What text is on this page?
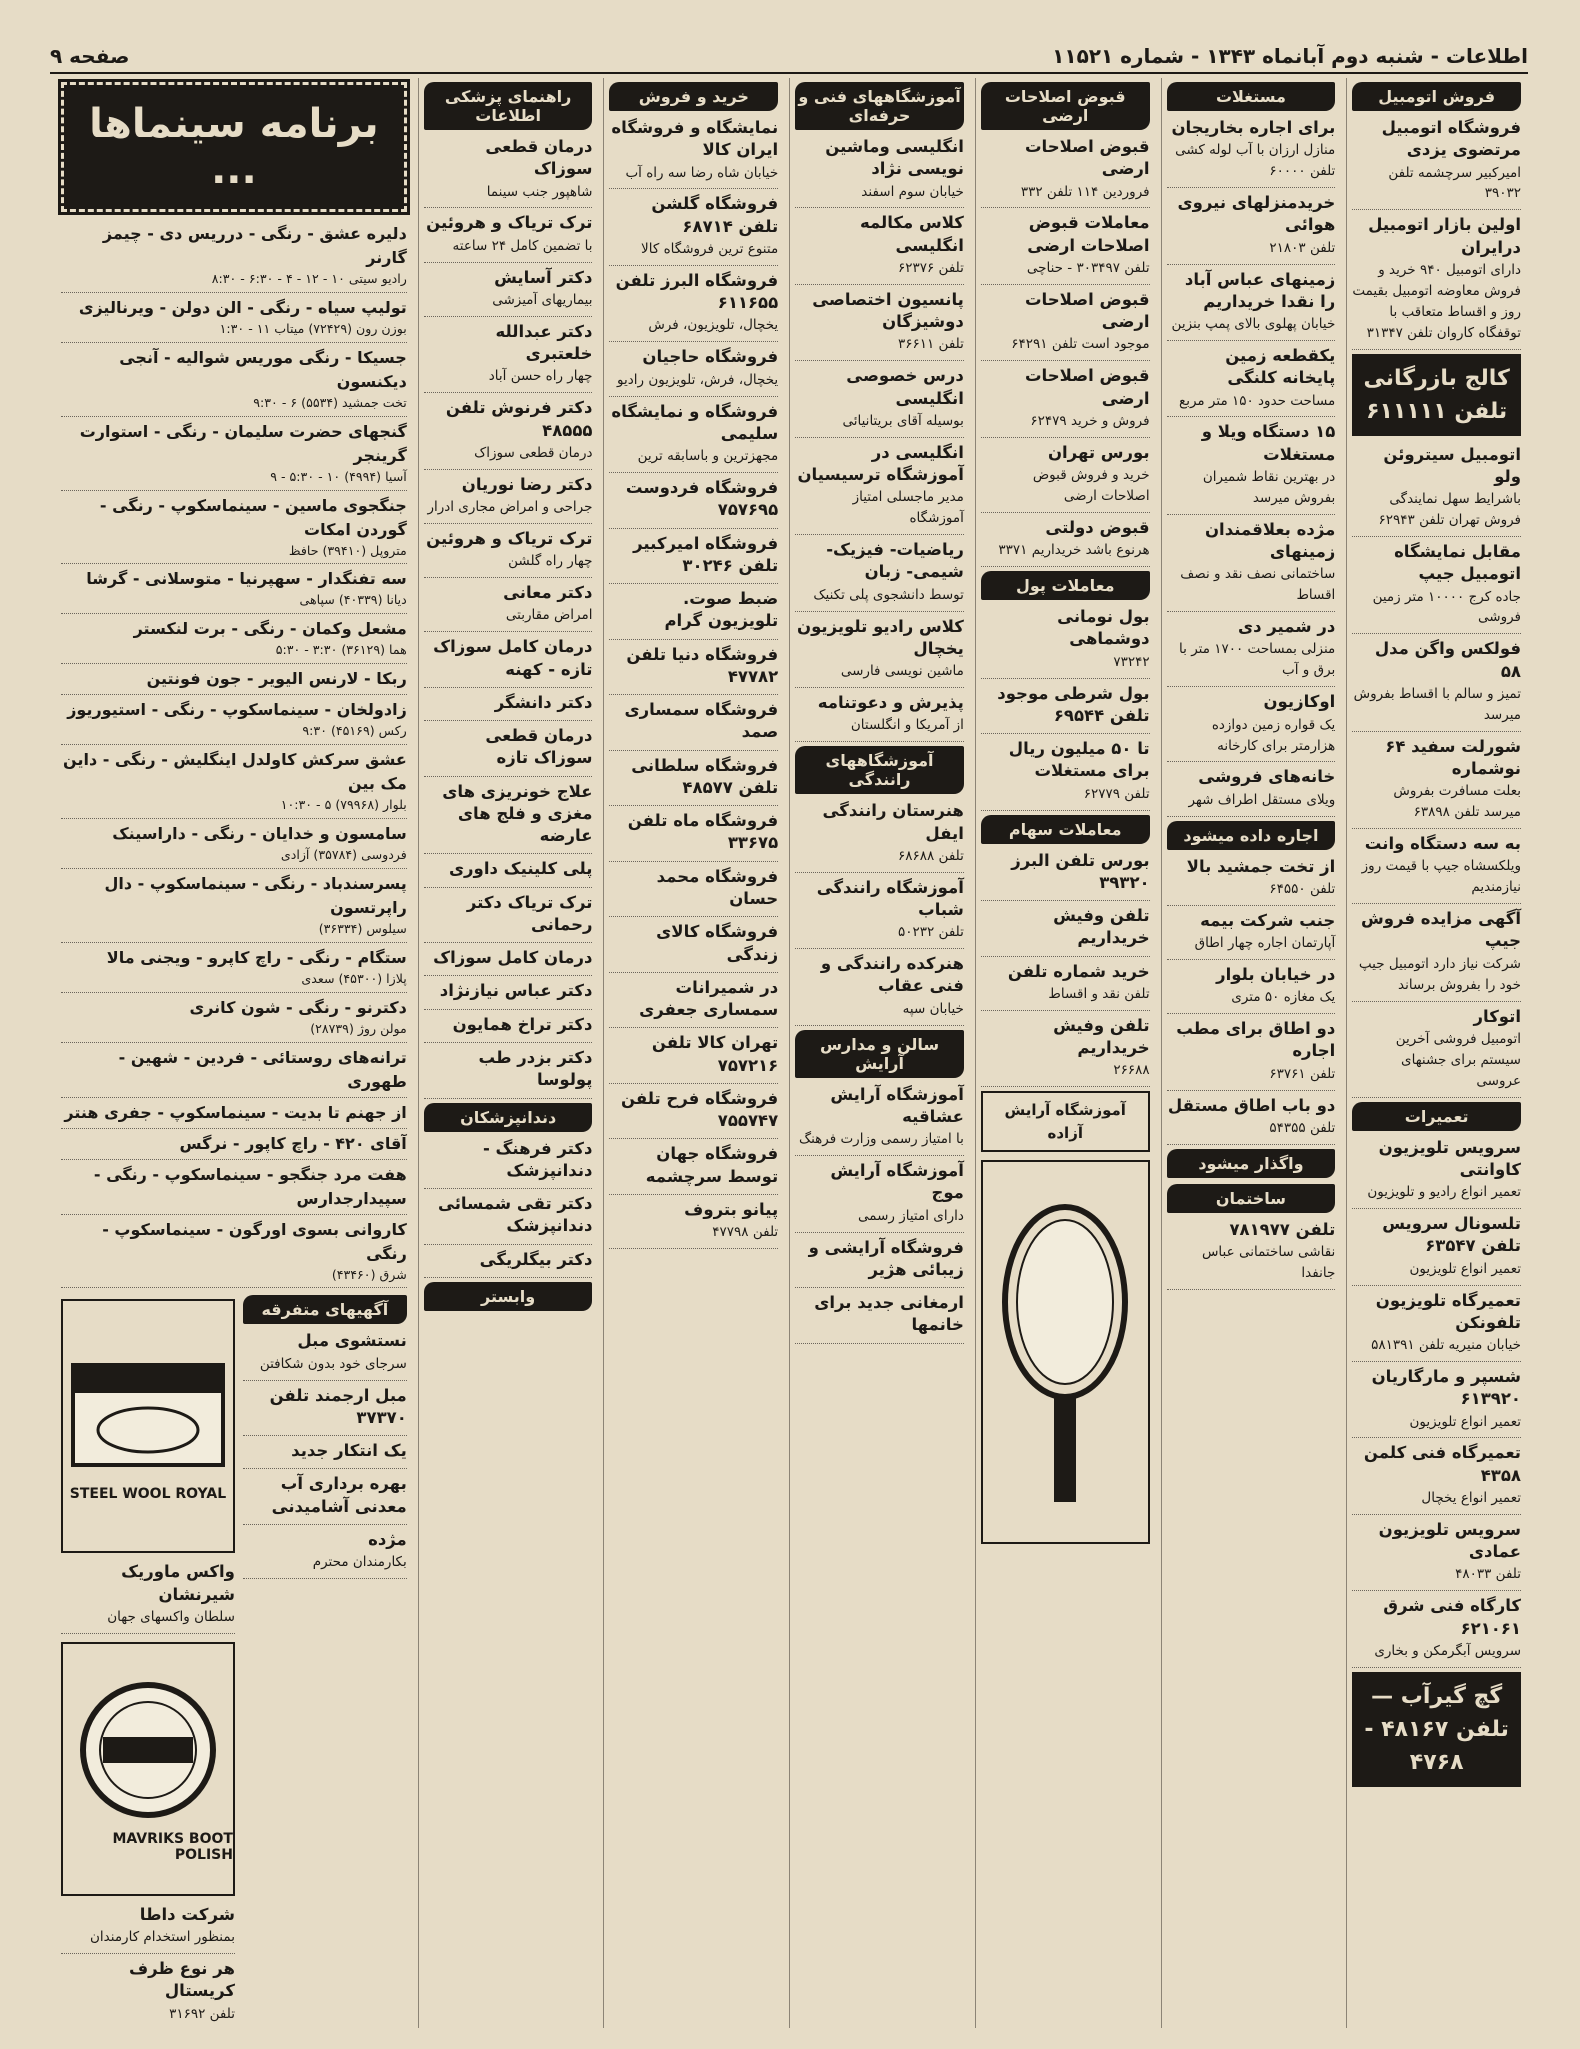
اطلاعات - شنبه دوم آبانماه ۱۳۴۳ - شماره ۱۱۵۲۱
صفحه ۹
فروش اتومبیل
فروشگاه اتومبیل مرتضوی یزدی
امیرکبیر سرچشمه تلفن ۳۹۰۳۲
اولین بازار اتومبیل درایران
دارای اتومبیل ۹۴۰ خرید و فروش معاوضه اتومبیل بقیمت روز و اقساط متعاقب با توقفگاه کاروان تلفن ۳۱۳۴۷
کالج بازرگانی
تلفن ۶۱۱۱۱۱
اتومبیل سیتروئن ولو
باشرایط سهل نمایندگی فروش تهران تلفن ۶۲۹۴۳
مقابل نمایشگاه اتومبیل جیپ
جاده کرج ۱۰۰۰۰ متر زمین فروشی
فولکس واگن مدل ۵۸
تمیز و سالم با اقساط بفروش میرسد
شورلت سفید ۶۴ نوشماره
بعلت مسافرت بفروش میرسد تلفن ۶۳۸۹۸
به سه دستگاه وانت
ویلکسشاه جیپ با قیمت روز نیازمندیم
آگهی مزایده فروش جیپ
شرکت نیاز دارد اتومبیل جیپ خود را بفروش برساند
اتوکار
اتومبیل فروشی آخرین سیستم برای جشنهای عروسی
تعمیرات
سرویس تلویزیون کاوانتی
تعمیر انواع رادیو و تلویزیون
تلسونال سرویس تلفن ۶۳۵۴۷
تعمیر انواع تلویزیون
تعمیرگاه تلویزیون تلفونکن
خیابان منیریه تلفن ۵۸۱۳۹۱
شسپر و مارگاریان ۶۱۳۹۲۰
تعمیر انواع تلویزیون
تعمیرگاه فنی کلمن ۴۳۵۸
تعمیر انواع یخچال
سرویس تلویزیون عمادی
تلفن ۴۸۰۳۳
کارگاه فنی شرق ۶۲۱۰۶۱
سرویس آبگرمکن و بخاری
گچ گیرآب — تلفن ۴۸۱۶۷ - ۴۷۶۸
مستغلات
برای اجاره بخاریجان
منازل ارزان با آب لوله کشی تلفن ۶۰۰۰۰
خریدمنزلهای نیروی هوائی
تلفن ۲۱۸۰۳
زمینهای عباس آباد را نقدا خریداریم
خیابان پهلوی بالای پمپ بنزین
یکقطعه زمین پایخانه کلنگی
مساحت حدود ۱۵۰ متر مربع
۱۵ دستگاه ویلا و مستغلات
در بهترین نقاط شمیران بفروش میرسد
مژده بعلاقمندان زمینهای
ساختمانی نصف نقد و نصف اقساط
در شمیر دی
منزلی بمساحت ۱۷۰۰ متر با برق و آب
اوکازیون
یک قواره زمین دوازده هزارمتر برای کارخانه
خانه‌های فروشی
ویلای مستقل اطراف شهر
اجاره داده میشود
از تخت جمشید بالا
تلفن ۶۴۵۵۰
جنب شرکت بیمه
آپارتمان اجاره چهار اطاق
در خیابان بلوار
یک مغازه ۵۰ متری
دو اطاق برای مطب اجاره
تلفن ۶۳۷۶۱
دو باب اطاق مستقل
تلفن ۵۴۳۵۵
واگذار میشود
ساختمان
تلفن ۷۸۱۹۷۷
نقاشی ساختمانی عباس جانفدا
قبوض اصلاحات ارضی
قبوض اصلاحات ارضی
فروردین ۱۱۴ تلفن ۳۳۲
معاملات قبوض اصلاحات ارضی
تلفن ۳۰۳۴۹۷ - حناچی
قبوض اصلاحات ارضی
موجود است تلفن ۶۴۲۹۱
قبوض اصلاحات ارضی
فروش و خرید ۶۲۴۷۹
بورس تهران
خرید و فروش قبوض اصلاحات ارضی
قبوض دولتی
هرنوع باشد خریداریم ۳۳۷۱
معاملات پول
بول نومانی دوشماهی
۷۳۲۴۲
بول شرطی موجود تلفن ۶۹۵۴۴
تا ۵۰ میلیون ریال برای مستغلات
تلفن ۶۲۷۷۹
معاملات سهام
بورس تلفن البرز ۳۹۳۲۰
تلفن وفیش خریداریم
خرید شماره تلفن
تلفن نقد و اقساط
تلفن وفیش خریداریم
۲۶۶۸۸
آموزشگاه آرایش آزاده
آموزشگاههای فنی و حرفه‌ای
انگلیسی وماشین نویسی نژاد
خیابان سوم اسفند
کلاس مکالمه انگلیسی
تلفن ۶۲۳۷۶
پانسیون اختصاصی دوشیزگان
تلفن ۳۶۶۱۱
درس خصوصی انگلیسی
بوسیله آقای بریتانیائی
انگلیسی در آموزشگاه ترسیسیان
مدیر ماجسلی امتیاز آموزشگاه
ریاضیات- فیزیک- شیمی- زبان
توسط دانشجوی پلی تکنیک
کلاس رادیو تلویزیون یخچال
ماشین نویسی فارسی
پذیرش و دعوتنامه
از آمریکا و انگلستان
آموزشگاههای رانندگی
هنرستان رانندگی ایفل
تلفن ۶۸۶۸۸
آموزشگاه رانندگی شباب
تلفن ۵۰۲۳۲
هنرکده رانندگی و فنی عقاب
خیابان سپه
سالن و مدارس آرایش
آموزشگاه آرایش عشاقیه
با امتیاز رسمی وزارت فرهنگ
آموزشگاه آرایش موج
دارای امتیاز رسمی
فروشگاه آرایشی و زیبائی هژیر
ارمغانی جدید برای خانمها
خرید و فروش
نمایشگاه و فروشگاه ایران کالا
خیابان شاه رضا سه راه آب
فروشگاه گلشن تلفن ۶۸۷۱۴
متنوع ترین فروشگاه کالا
فروشگاه البرز تلفن ۶۱۱۶۵۵
یخچال، تلویزیون، فرش
فروشگاه حاجیان
یخچال، فرش، تلویزیون رادیو
فروشگاه و نمایشگاه سلیمی
مجهزترین و باسابقه ترین
فروشگاه فردوست ۷۵۷۶۹۵
فروشگاه امیرکبیر تلفن ۳۰۲۴۶
ضبط صوت. تلویزیون گرام
فروشگاه دنیا تلفن ۴۷۷۸۲
فروشگاه سمساری صمد
فروشگاه سلطانی تلفن ۴۸۵۷۷
فروشگاه ماه تلفن ۳۳۶۷۵
فروشگاه محمد حسان
فروشگاه کالای زندگی
در شمیرانات سمساری جعفری
تهران کالا تلفن ۷۵۷۲۱۶
فروشگاه فرح تلفن ۷۵۵۷۴۷
فروشگاه جهان توسط سرچشمه
پیانو بتروف
تلفن ۴۷۷۹۸
راهنمای پزشکی اطلاعات
درمان قطعی سوزاک
شاهپور جنب سینما
ترک تریاک و هروئین
با تضمین کامل ۲۴ ساعته
دکتر آسایش
بیماریهای آمیزشی
دکتر عبدالله خلعتبری
چهار راه حسن آباد
دکتر فرنوش تلفن ۴۸۵۵۵
درمان قطعی سوزاک
دکتر رضا نوریان
جراحی و امراض مجاری ادرار
ترک تریاک و هروئین
چهار راه گلشن
دکتر معانی
امراض مقاربتی
درمان کامل سوزاک تازه - کهنه
دکتر دانشگر
درمان قطعی سوزاک تازه
علاج خونریزی های مغزی و فلج های عارضه
پلی کلینیک داوری
ترک تریاک دکتر رحمانی
درمان کامل سوزاک
دکتر عباس نیازنژاد
دکتر تراخ همایون
دکتر بزدر طب پولوسا
دندانپزشکان
دکتر فرهنگ - دندانپزشک
دکتر تقی شمسائی دندانپزشک
دکتر بیگلریگی
وابستر
برنامه سینماها ...
دلیره عشق - رنگی - درریس دی - چیمز گارنر
رادیو سیتی ۱۰ - ۱۲ - ۴ - ۶:۳۰ - ۸:۳۰
تولیپ سیاه - رنگی - الن دولن - ویرنالیزی
بوزن رون (۷۲۴۲۹) میتاب ۱۱ - ۱:۳۰
جسیکا - رنگی موریس شوالیه - آنجی دیکنسون
تخت جمشید (۵۵۳۴) ۶ - ۹:۳۰
گنجهای حضرت سلیمان - رنگی - استوارت گرینجر
آسیا (۴۹۹۴) ۱۰ - ۵:۳۰ - ۹
جنگجوی ماسین - سینماسکوپ - رنگی - گوردن امکات
متروپل (۳۹۴۱۰) حافظ
سه تفنگدار - سهپرنیا - متوسلانی - گرشا
دیانا (۴۰۳۳۹) سپاهی
مشعل وکمان - رنگی - برت لنکستر
هما (۳۶۱۲۹) ۳:۳۰ - ۵:۳۰
ربکا - لارنس الیویر - جون فونتین

زادولخان - سینماسکوپ - رنگی - استیوریوز
رکس (۴۵۱۶۹) ۹:۳۰
عشق سرکش کاولدل اینگلیش - رنگی - داین مک بین
بلوار (۷۹۹۶۸) ۵ - ۱۰:۳۰
سامسون و خدایان - رنگی - داراسینک
فردوسی (۳۵۷۸۴) آزادی
پسرسندباد - رنگی - سینماسکوپ - دال راپرتسون
سیلوس (۳۶۳۳۴)
ستگام - رنگی - راچ کاپرو - ویجنی مالا
پلازا (۴۵۳۰۰) سعدی
دکترنو - رنگی - شون کانری
مولن روژ (۲۸۷۳۹)
ترانه‌های روستائی - فردین - شهین - طهوری

از جهنم تا بدیت - سینماسکوپ - جفری هنتر

آقای ۴۲۰ - راچ کاپور - نرگس

هفت مرد جنگجو - سینماسکوپ - رنگی - سپیدارجدارس

کاروانی بسوی اورگون - سینماسکوپ - رنگی
شرق (۴۳۴۶۰)
آگهیهای متفرقه
نستشوی مبل
سرجای خود بدون شکافتن
مبل ارجمند تلفن ۳۷۳۷۰
یک انتکار جدید
بهره برداری آب معدنی آشامیدنی
مژده
بکارمندان محترم
STEEL WOOL ROYAL
واکس ماوریک شیرنشان
سلطان واکسهای جهان
MAVRIKS BOOT POLISH
شرکت داطا
بمنظور استخدام کارمندان
هر نوع ظرف کریستال
تلفن ۳۱۶۹۲
